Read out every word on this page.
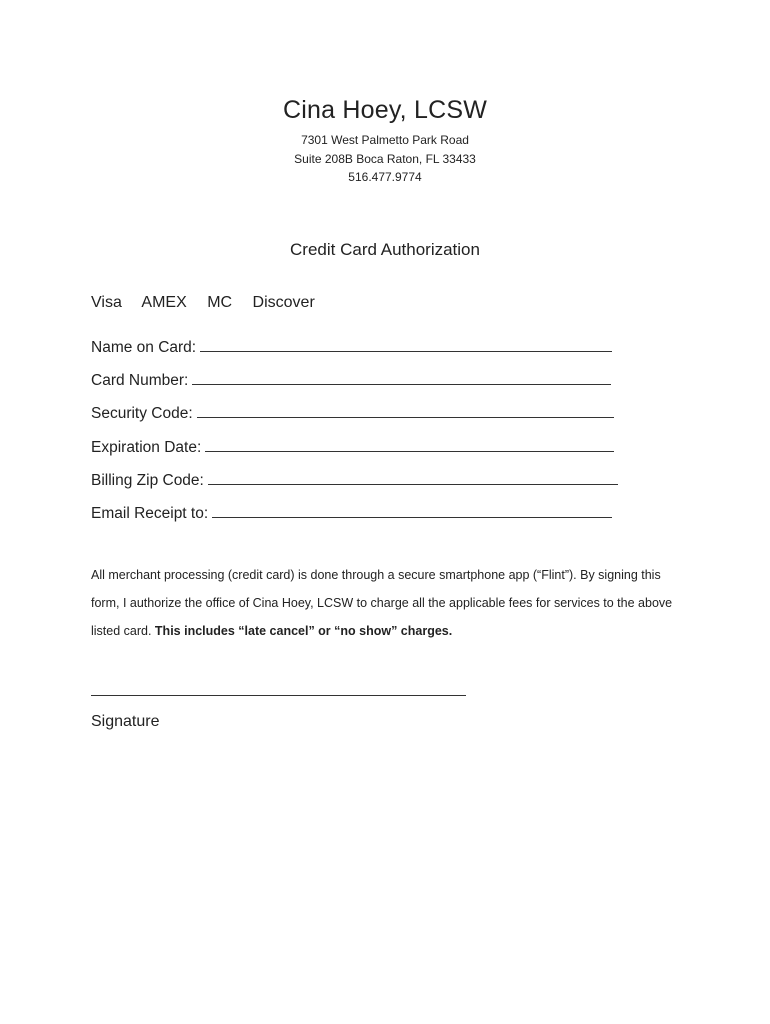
Cina Hoey, LCSW
7301 West Palmetto Park Road
Suite 208B Boca Raton, FL 33433
516.477.9774
Credit Card Authorization
Visa AMEX MC Discover
Name on Card:
Card Number:
Security Code:
Expiration Date:
Billing Zip Code:
Email Receipt to:
All merchant processing (credit card) is done through a secure smartphone app (“Flint”). By signing this form, I authorize the office of Cina Hoey, LCSW to charge all the applicable fees for services to the above listed card. This includes “late cancel” or “no show” charges.
Signature
